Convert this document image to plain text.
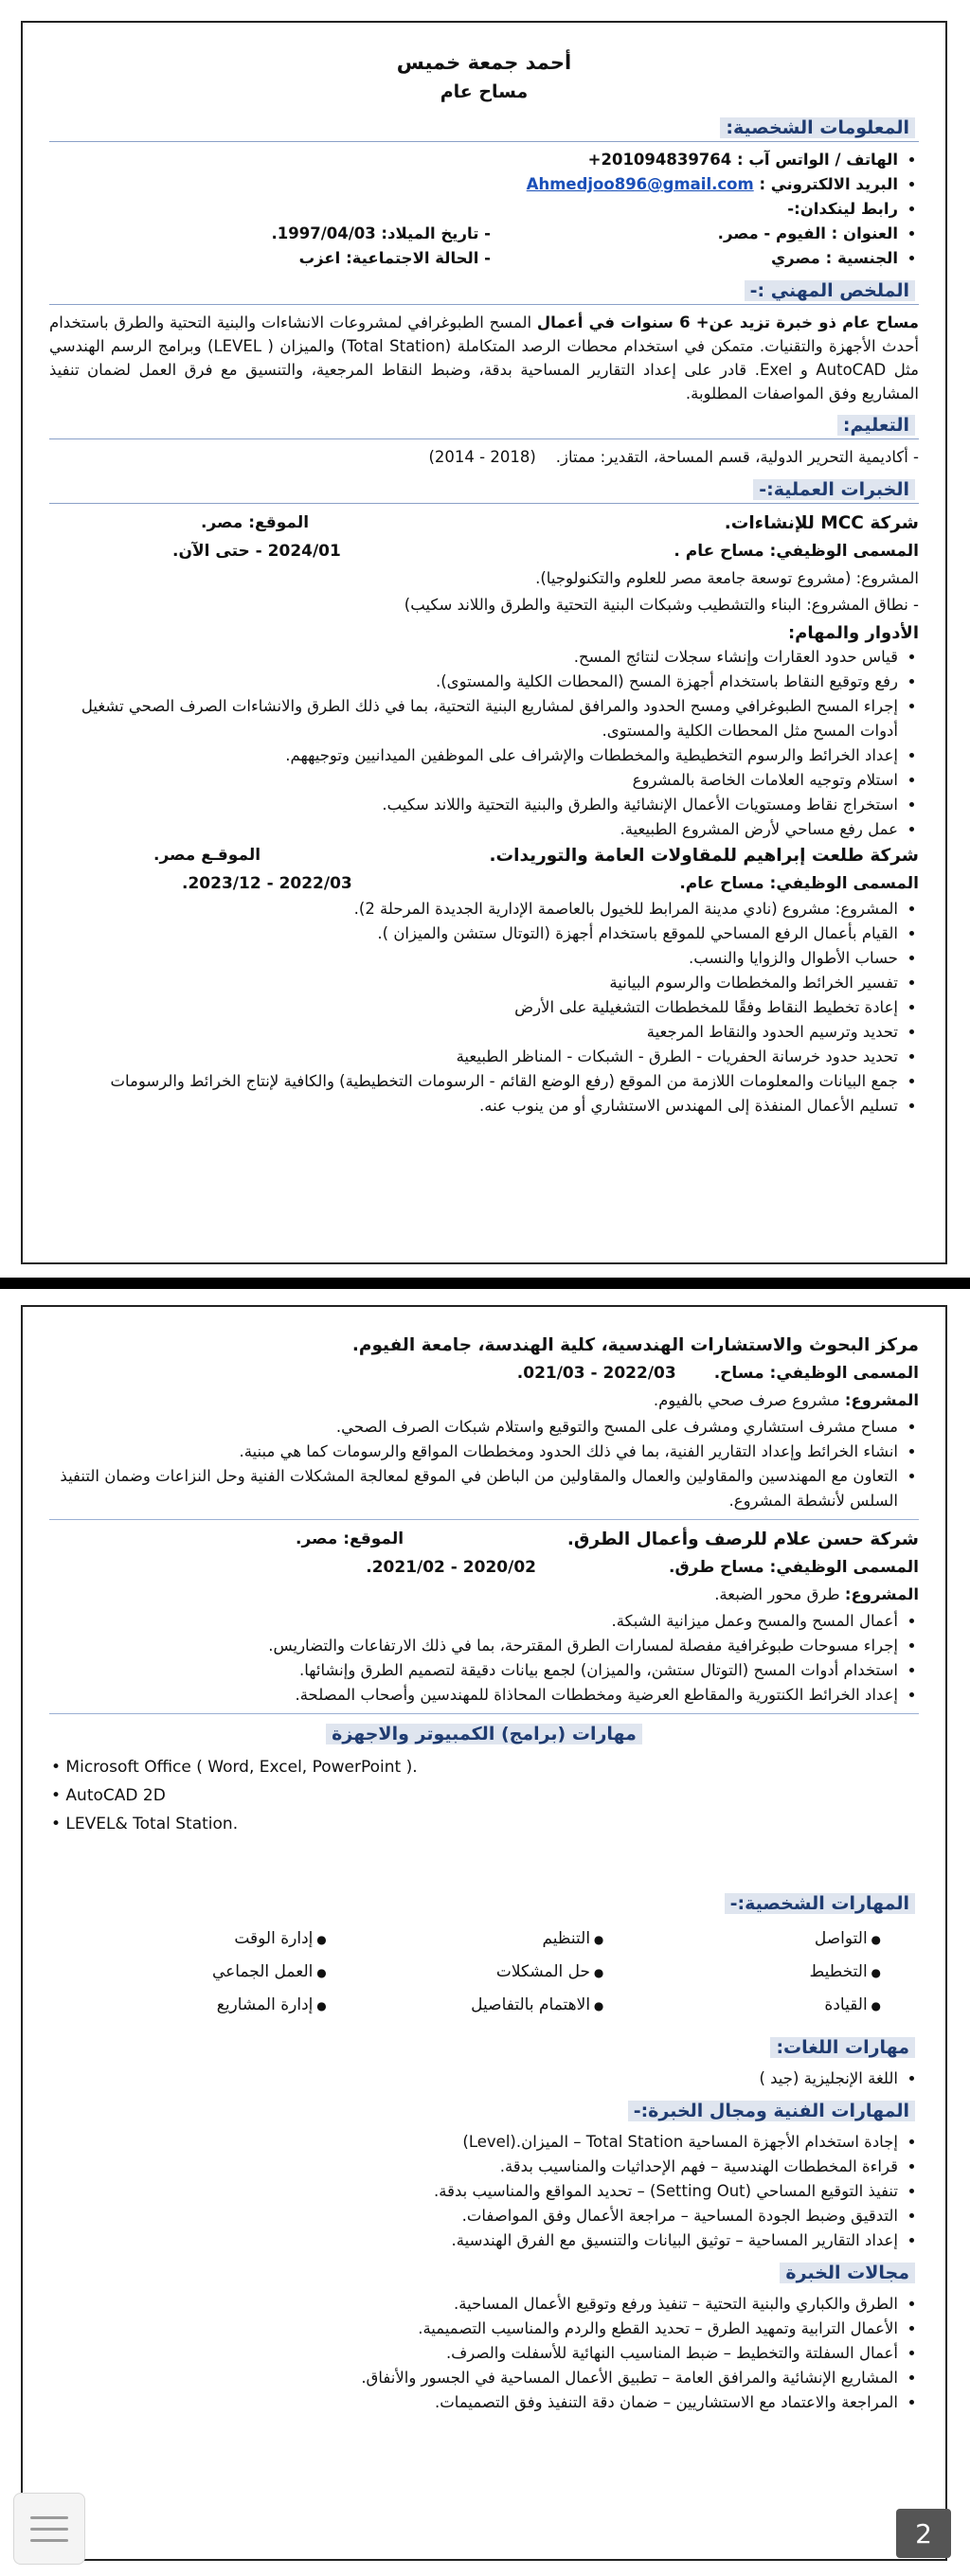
أحمد جمعة خميس
مساح عام
المعلومات الشخصية:
• الهاتف / الواتس آب : +201094839764
• البريد الالكتروني : Ahmedjoo896@gmail.com
• رابط لينكدان:-
• العنوان : الفيوم - مصر.- تاريخ الميلاد: 1997/04/03.
• الجنسية : مصري- الحالة الاجتماعية: اعزب
الملخص المهني :-
مساح عام ذو خبرة تزيد عن+ 6 سنوات في أعمال المسح الطبوغرافي لمشروعات الانشاءات والبنية التحتية والطرق باستخدام أحدث الأجهزة والتقنيات. متمكن في استخدام محطات الرصد المتكاملة (Total Station) والميزان ( LEVEL) وبرامج الرسم الهندسي مثل AutoCAD و Exel. قادر على إعداد التقارير المساحية بدقة، وضبط النقاط المرجعية، والتنسيق مع فرق العمل لضمان تنفيذ المشاريع وفق المواصفات المطلوبة.
التعليم:
- أكاديمية التحرير الدولية، قسم المساحة، التقدير: ممتاز.    (2018 - 2014)
الخبرات العملية:-
شركة MCC للإنشاءات.
الموقع: مصر.
المسمى الوظيفي: مساح عام .
2024/01 - حتى الآن.
المشروع: (مشروع توسعة جامعة مصر للعلوم والتكنولوجيا).
- نطاق المشروع: البناء والتشطيب وشبكات البنية التحتية والطرق واللاند سكيب)
الأدوار والمهام:
• قياس حدود العقارات وإنشاء سجلات لنتائج المسح.
• رفع وتوقيع النقاط باستخدام أجهزة المسح (المحطات الكلية والمستوى).
• إجراء المسح الطبوغرافي ومسح الحدود والمرافق لمشاريع البنية التحتية، بما في ذلك الطرق والانشاءات الصرف الصحي تشغيل أدوات المسح مثل المحطات الكلية والمستوى.
• إعداد الخرائط والرسوم التخطيطية والمخططات والإشراف على الموظفين الميدانيين وتوجيههم.
• استلام وتوجيه العلامات الخاصة بالمشروع
• استخراج نقاط ومستويات الأعمال الإنشائية والطرق والبنية التحتية واللاند سكيب.
• عمل رفع مساحي لأرض المشروع الطبيعية.
شركة طلعت إبراهيم للمقاولات العامة والتوريدات.
الموقـع مصر.
المسمى الوظيفي: مساح عام.
2022/03 - 2023/12.
• المشروع: مشروع (نادي مدينة المرابط للخيول بالعاصمة الإدارية الجديدة المرحلة 2).
• القيام بأعمال الرفع المساحي للموقع باستخدام أجهزة (التوتال ستشن والميزان ).
• حساب الأطوال والزوايا والنسب.
• تفسير الخرائط والمخططات والرسوم البيانية
• إعادة تخطيط النقاط وفقًا للمخططات التشغيلية على الأرض
• تحديد وترسيم الحدود والنقاط المرجعية
• تحديد حدود خرسانة الحفريات - الطرق - الشبكات - المناظر الطبيعية
• جمع البيانات والمعلومات اللازمة من الموقع (رفع الوضع القائم - الرسومات التخطيطية) والكافية لإنتاج الخرائط والرسومات
• تسليم الأعمال المنفذة إلى المهندس الاستشاري أو من ينوب عنه.
مركز البحوث والاستشارات الهندسية، كلية الهندسة، جامعة الفيوم.
المسمى الوظيفي: مساح.
2022/03 - 021/03.
المشروع: مشروع صرف صحي بالفيوم.
• مساح مشرف استشاري ومشرف على المسح والتوقيع واستلام شبكات الصرف الصحي.
• انشاء الخرائط وإعداد التقارير الفنية، بما في ذلك الحدود ومخططات المواقع والرسومات كما هي مبنية.
• التعاون مع المهندسين والمقاولين والعمال والمقاولين من الباطن في الموقع لمعالجة المشكلات الفنية وحل النزاعات وضمان التنفيذ السلس لأنشطة المشروع.
شركة حسن علام للرصف وأعمال الطرق.
الموقع: مصر.
المسمى الوظيفي: مساح طرق.
2020/02 - 2021/02.
المشروع: طرق محور الضبعة.
• أعمال المسح والمسح وعمل ميزانية الشبكة.
• إجراء مسوحات طبوغرافية مفصلة لمسارات الطرق المقترحة، بما في ذلك الارتفاعات والتضاريس.
• استخدام أدوات المسح (التوتال ستشن، والميزان) لجمع بيانات دقيقة لتصميم الطرق وإنشائها.
• إعداد الخرائط الكنتورية والمقاطع العرضية ومخططات المحاذاة للمهندسين وأصحاب المصلحة.
مهارات (برامج) الكمبيوتر والاجهزة
• Microsoft Office ( Word, Excel, PowerPoint ).
• AutoCAD 2D
• LEVEL& Total Station.
المهارات الشخصية:-
● التواصل
● التنظيم
● إدارة الوقت
● التخطيط
● حل المشكلات
● العمل الجماعي
● القيادة
● الاهتمام بالتفاصيل
● إدارة المشاريع
مهارات اللغات:
• اللغة الإنجليزية (جيد )
المهارات الفنية ومجال الخبرة:-
• إجادة استخدام الأجهزة المساحية Total Station – الميزان.(Level)
• قراءة المخططات الهندسية – فهم الإحداثيات والمناسيب بدقة.
• تنفيذ التوقيع المساحي (Setting Out) – تحديد المواقع والمناسيب بدقة.
• التدقيق وضبط الجودة المساحية – مراجعة الأعمال وفق المواصفات.
• إعداد التقارير المساحية – توثيق البيانات والتنسيق مع الفرق الهندسية.
مجالات الخبرة
• الطرق والكباري والبنية التحتية – تنفيذ ورفع وتوقيع الأعمال المساحية.
• الأعمال الترابية وتمهيد الطرق – تحديد القطع والردم والمناسيب التصميمية.
• أعمال السفلتة والتخطيط – ضبط المناسيب النهائية للأسفلت والصرف.
• المشاريع الإنشائية والمرافق العامة – تطبيق الأعمال المساحية في الجسور والأنفاق.
• المراجعة والاعتماد مع الاستشاريين – ضمان دقة التنفيذ وفق التصميمات.
2
